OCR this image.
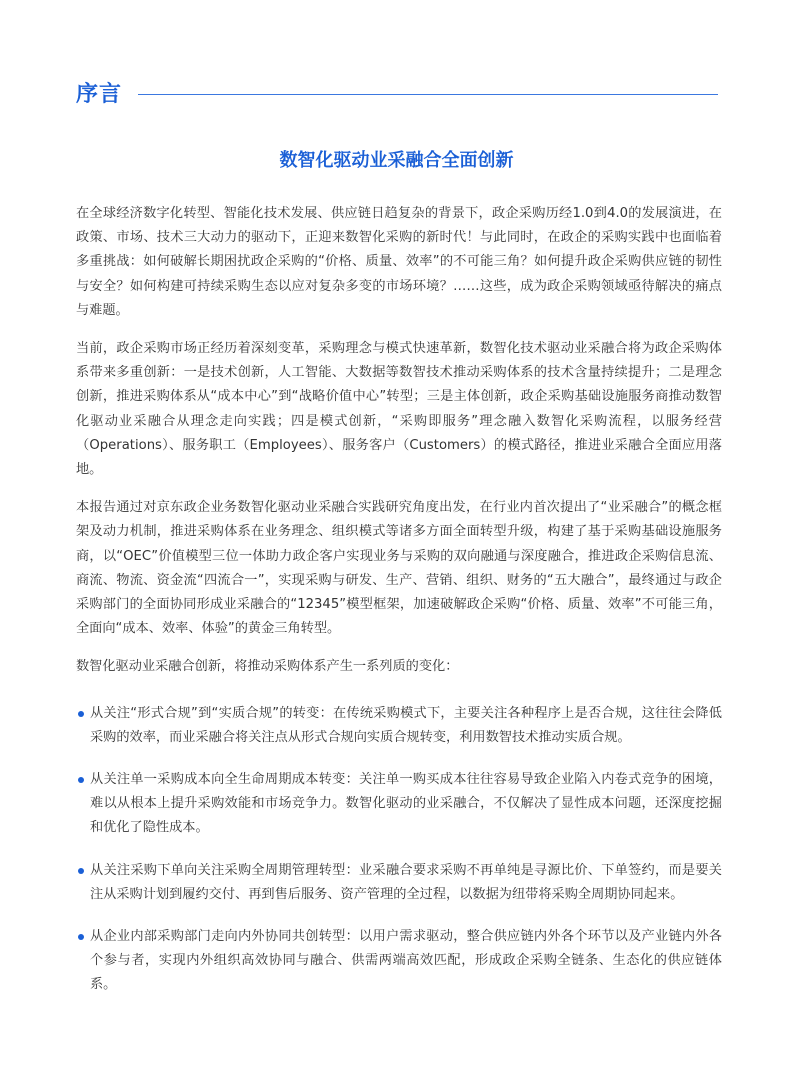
序言
数智化驱动业采融合全面创新

在全球经济数字化转型、智能化技术发展、供应链日趋复杂的背景下，政企采购历经1.0到4.0的发展演进，在政策、市场、技术三大动力的驱动下，正迎来数智化采购的新时代！与此同时，在政企的采购实践中也面临着多重挑战：如何破解长期困扰政企采购的“价格、质量、效率”的不可能三角？如何提升政企采购供应链的韧性与安全？如何构建可持续采购生态以应对复杂多变的市场环境？……这些，成为政企采购领域亟待解决的痛点与难题。

当前，政企采购市场正经历着深刻变革，采购理念与模式快速革新，数智化技术驱动业采融合将为政企采购体系带来多重创新：一是技术创新，人工智能、大数据等数智技术推动采购体系的技术含量持续提升；二是理念创新，推进采购体系从“成本中心”到“战略价值中心”转型；三是主体创新，政企采购基础设施服务商推动数智化驱动业采融合从理念走向实践；四是模式创新，“采购即服务”理念融入数智化采购流程，以服务经营（Operations）、服务职工（Employees）、服务客户（Customers）的模式路径，推进业采融合全面应用落地。

本报告通过对京东政企业务数智化驱动业采融合实践研究角度出发，在行业内首次提出了“业采融合”的概念框架及动力机制，推进采购体系在业务理念、组织模式等诸多方面全面转型升级，构建了基于采购基础设施服务商，以“OEC”价值模型三位一体助力政企客户实现业务与采购的双向融通与深度融合，推进政企采购信息流、商流、物流、资金流“四流合一”，实现采购与研发、生产、营销、组织、财务的“五大融合”，最终通过与政企采购部门的全面协同形成业采融合的“12345”模型框架，加速破解政企采购“价格、质量、效率”不可能三角，全面向“成本、效率、体验”的黄金三角转型。

数智化驱动业采融合创新，将推动采购体系产生一系列质的变化：

从关注“形式合规”到“实质合规”的转变：在传统采购模式下，主要关注各种程序上是否合规，这往往会降低采购的效率，而业采融合将关注点从形式合规向实质合规转变，利用数智技术推动实质合规。
从关注单一采购成本向全生命周期成本转变：关注单一购买成本往往容易导致企业陷入内卷式竞争的困境，难以从根本上提升采购效能和市场竞争力。数智化驱动的业采融合，不仅解决了显性成本问题，还深度挖掘和优化了隐性成本。
从关注采购下单向关注采购全周期管理转型：业采融合要求采购不再单纯是寻源比价、下单签约，而是要关注从采购计划到履约交付、再到售后服务、资产管理的全过程，以数据为纽带将采购全周期协同起来。
从企业内部采购部门走向内外协同共创转型：以用户需求驱动，整合供应链内外各个环节以及产业链内外各个参与者，实现内外组织高效协同与融合、供需两端高效匹配，形成政企采购全链条、生态化的供应链体系。
